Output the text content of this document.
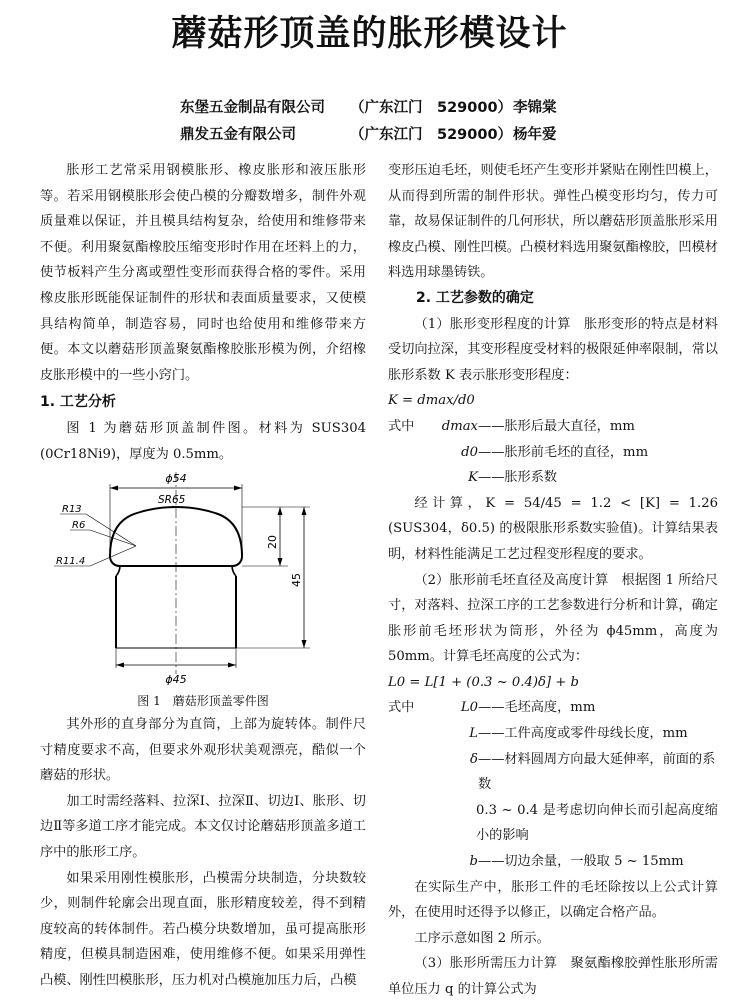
蘑菇形顶盖的胀形模设计
东堡五金制品有限公司 （广东江门　529000） 李锦棠
鼎发五金有限公司	（广东江门　529000） 杨年爱

胀形工艺常采用钢模胀形、橡皮胀形和液压胀形等。若采用钢模胀形会使凸模的分瓣数增多，制件外观质量难以保证，并且模具结构复杂，给使用和维修带来不便。利用聚氨酯橡胶压缩变形时作用在坯料上的力，使节板料产生分离或塑性变形而获得合格的零件。采用橡皮胀形既能保证制件的形状和表面质量要求，又使模具结构简单，制造容易，同时也给使用和维修带来方便。本文以蘑菇形顶盖聚氨酯橡胶胀形模为例，介绍橡皮胀形模中的一些小窍门。

1. 工艺分析

图 1 为蘑菇形顶盖制件图。材料为 SUS304 (0Cr18Ni9)，厚度为 0.5mm。

ϕ54
SR65
R13
R6
R11.4
20
45
ϕ45
图 1　蘑菇形顶盖零件图

其外形的直身部分为直筒，上部为旋转体。制件尺寸精度要求不高，但要求外观形状美观漂亮，酷似一个蘑菇的形状。

加工时需经落料、拉深Ⅰ、拉深Ⅱ、切边Ⅰ、胀形、切边Ⅱ等多道工序才能完成。本文仅讨论蘑菇形顶盖多道工序中的胀形工序。

如果采用刚性模胀形，凸模需分块制造，分块数较少，则制件轮廓会出现直面，胀形精度较差，得不到精度较高的转体制件。若凸模分块数增加，虽可提高胀形精度，但模具制造困难，使用维修不便。如果采用弹性凸模、刚性凹模胀形，压力机对凸模施加压力后，凸模

变形压迫毛坯，则使毛坯产生变形并紧贴在刚性凹模上，从而得到所需的制件形状。弹性凸模变形均匀，传力可靠，故易保证制件的几何形状，所以蘑菇形顶盖胀形采用橡皮凸模、刚性凹模。凸模材料选用聚氨酯橡胶，凹模材料选用球墨铸铁。

2. 工艺参数的确定

（1）胀形变形程度的计算　胀形变形的特点是材料受切向拉深，其变形程度受材料的极限延伸率限制，常以胀形系数 K 表示胀形变形程度：

K = dmax/d0

式中	dmax ——胀形后最大直径，mm
d0 ——胀形前毛坯的直径，mm
K ——胀形系数

经计算，K = 54/45 = 1.2 < [K] = 1.26 (SUS304，δ0.5) 的极限胀形系数实验值)。计算结果表明，材料性能满足工艺过程变形程度的要求。

（2）胀形前毛坯直径及高度计算　根据图 1 所给尺寸，对落料、拉深工序的工艺参数进行分析和计算，确定胀形前毛坯形状为筒形，外径为 ϕ45mm，高度为 50mm。计算毛坯高度的公式为：

L0 = L[1 + (0.3 ~ 0.4)δ] + b

式中	L0 ——毛坯高度，mm
L ——工件高度或零件母线长度，mm
δ ——材料圆周方向最大延伸率，前面的系数

0.3 ~ 0.4 是考虑切向伸长而引起高度缩小的影响

b ——切边余量，一般取 5 ~ 15mm

在实际生产中，胀形工件的毛坯除按以上公式计算外，在使用时还得予以修正，以确定合格产品。

工序示意如图 2 所示。

（3）胀形所需压力计算　聚氨酯橡胶弹性胀形所需单位压力 q 的计算公式为
